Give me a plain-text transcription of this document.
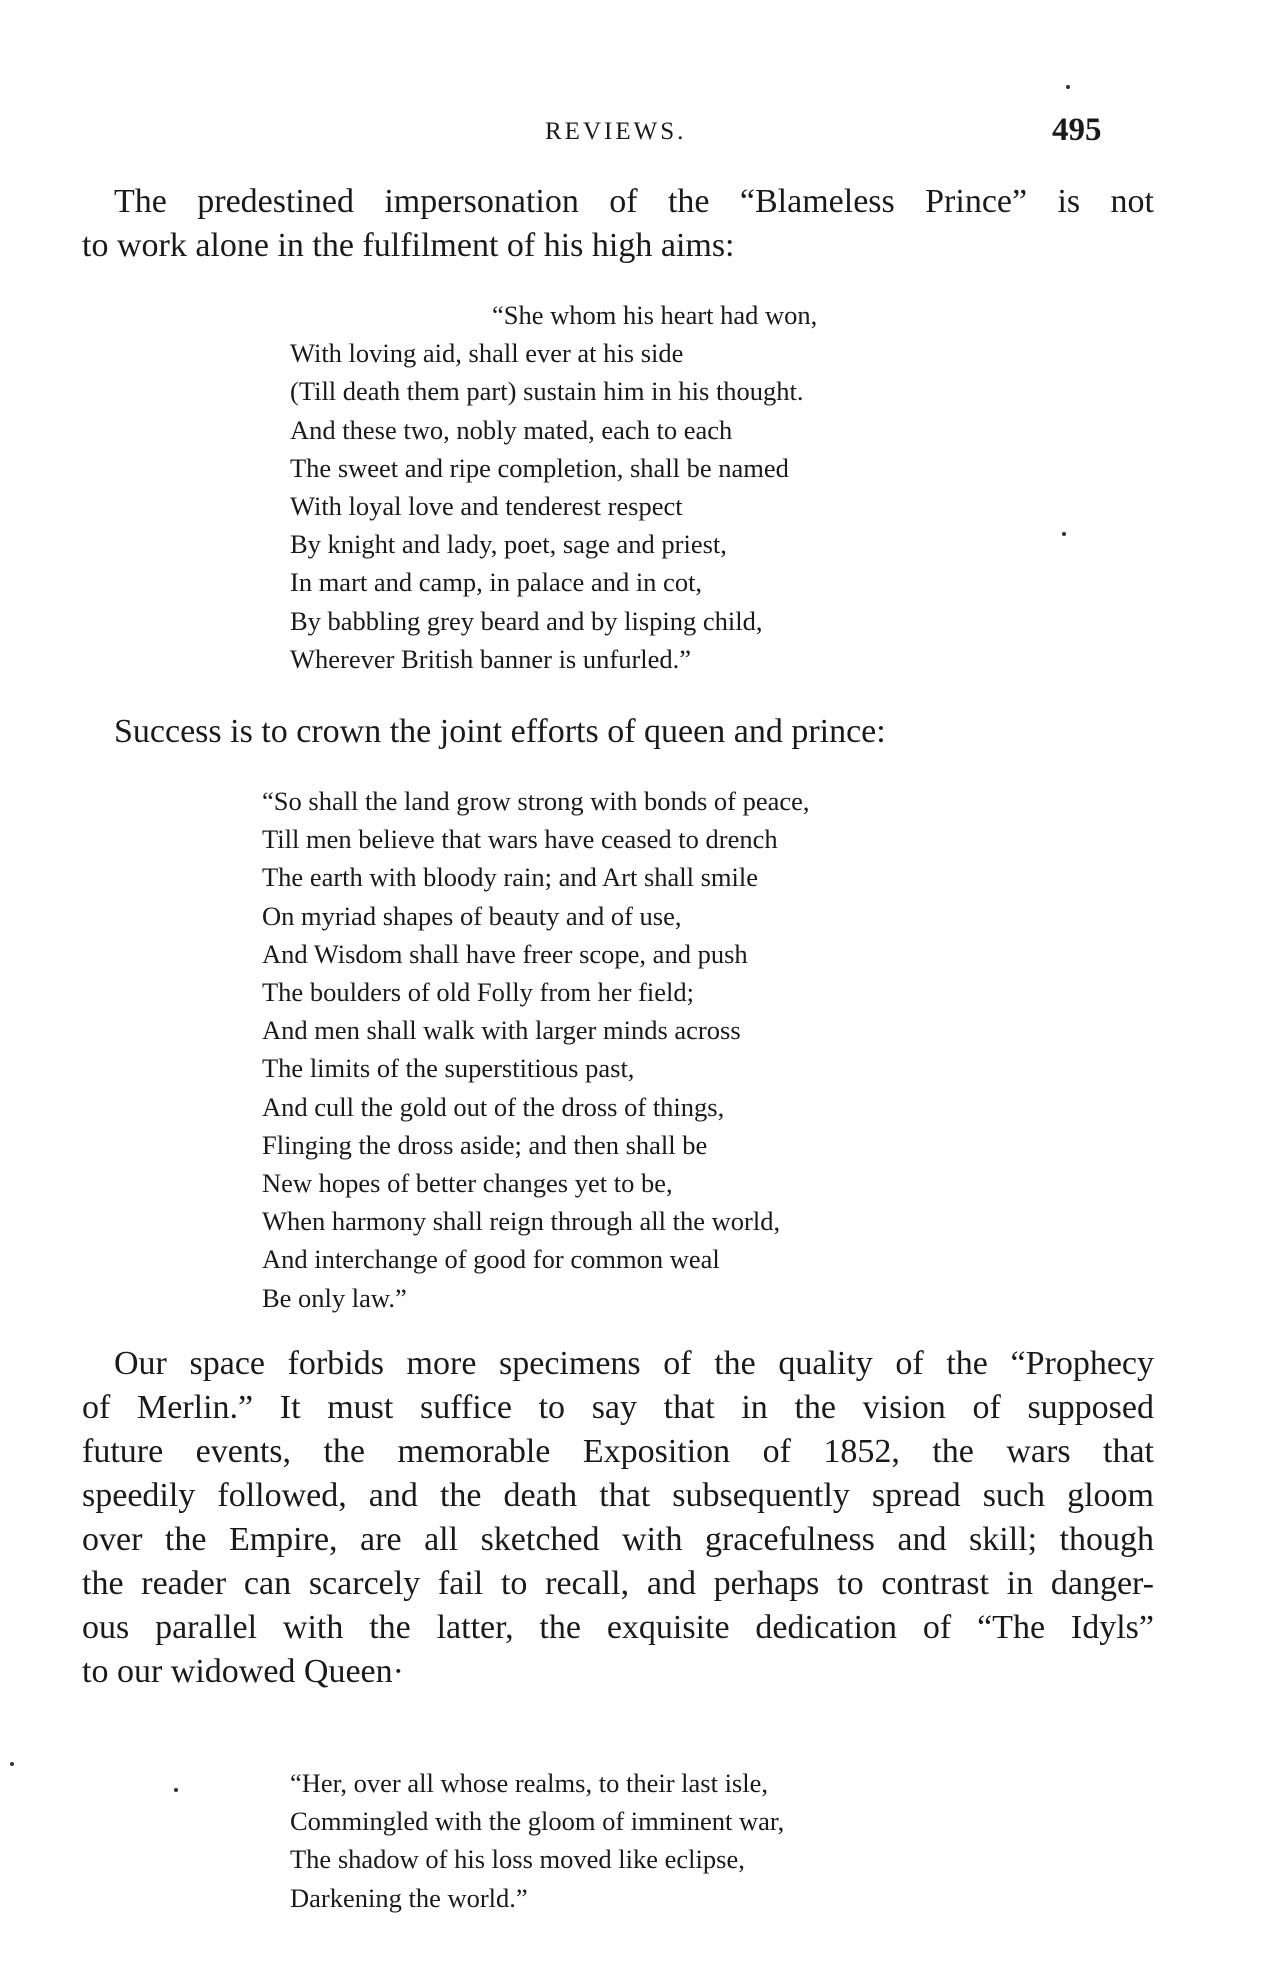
REVIEWS.	495
The predestined impersonation of the “Blameless Prince” is not
to work alone in the fulfilment of his high aims:
“She whom his heart had won,
With loving aid, shall ever at his side
(Till death them part) sustain him in his thought.
And these two, nobly mated, each to each
The sweet and ripe completion, shall be named
With loyal love and tenderest respect
By knight and lady, poet, sage and priest,
In mart and camp, in palace and in cot,
By babbling grey beard and by lisping child,
Wherever British banner is unfurled.”
Success is to crown the joint efforts of queen and prince:
“So shall the land grow strong with bonds of peace,
Till men believe that wars have ceased to drench
The earth with bloody rain; and Art shall smile
On myriad shapes of beauty and of use,
And Wisdom shall have freer scope, and push
The boulders of old Folly from her field;
And men shall walk with larger minds across
The limits of the superstitious past,
And cull the gold out of the dross of things,
Flinging the dross aside; and then shall be
New hopes of better changes yet to be,
When harmony shall reign through all the world,
And interchange of good for common weal
Be only law.”
Our space forbids more specimens of the quality of the “Prophecy
of Merlin.” It must suffice to say that in the vision of supposed
future events, the memorable Exposition of 1852, the wars that
speedily followed, and the death that subsequently spread such gloom
over the Empire, are all sketched with gracefulness and skill; though
the reader can scarcely fail to recall, and perhaps to contrast in danger-
ous parallel with the latter, the exquisite dedication of “The Idyls”
to our widowed Queen·
“Her, over all whose realms, to their last isle,
Commingled with the gloom of imminent war,
The shadow of his loss moved like eclipse,
Darkening the world.”
